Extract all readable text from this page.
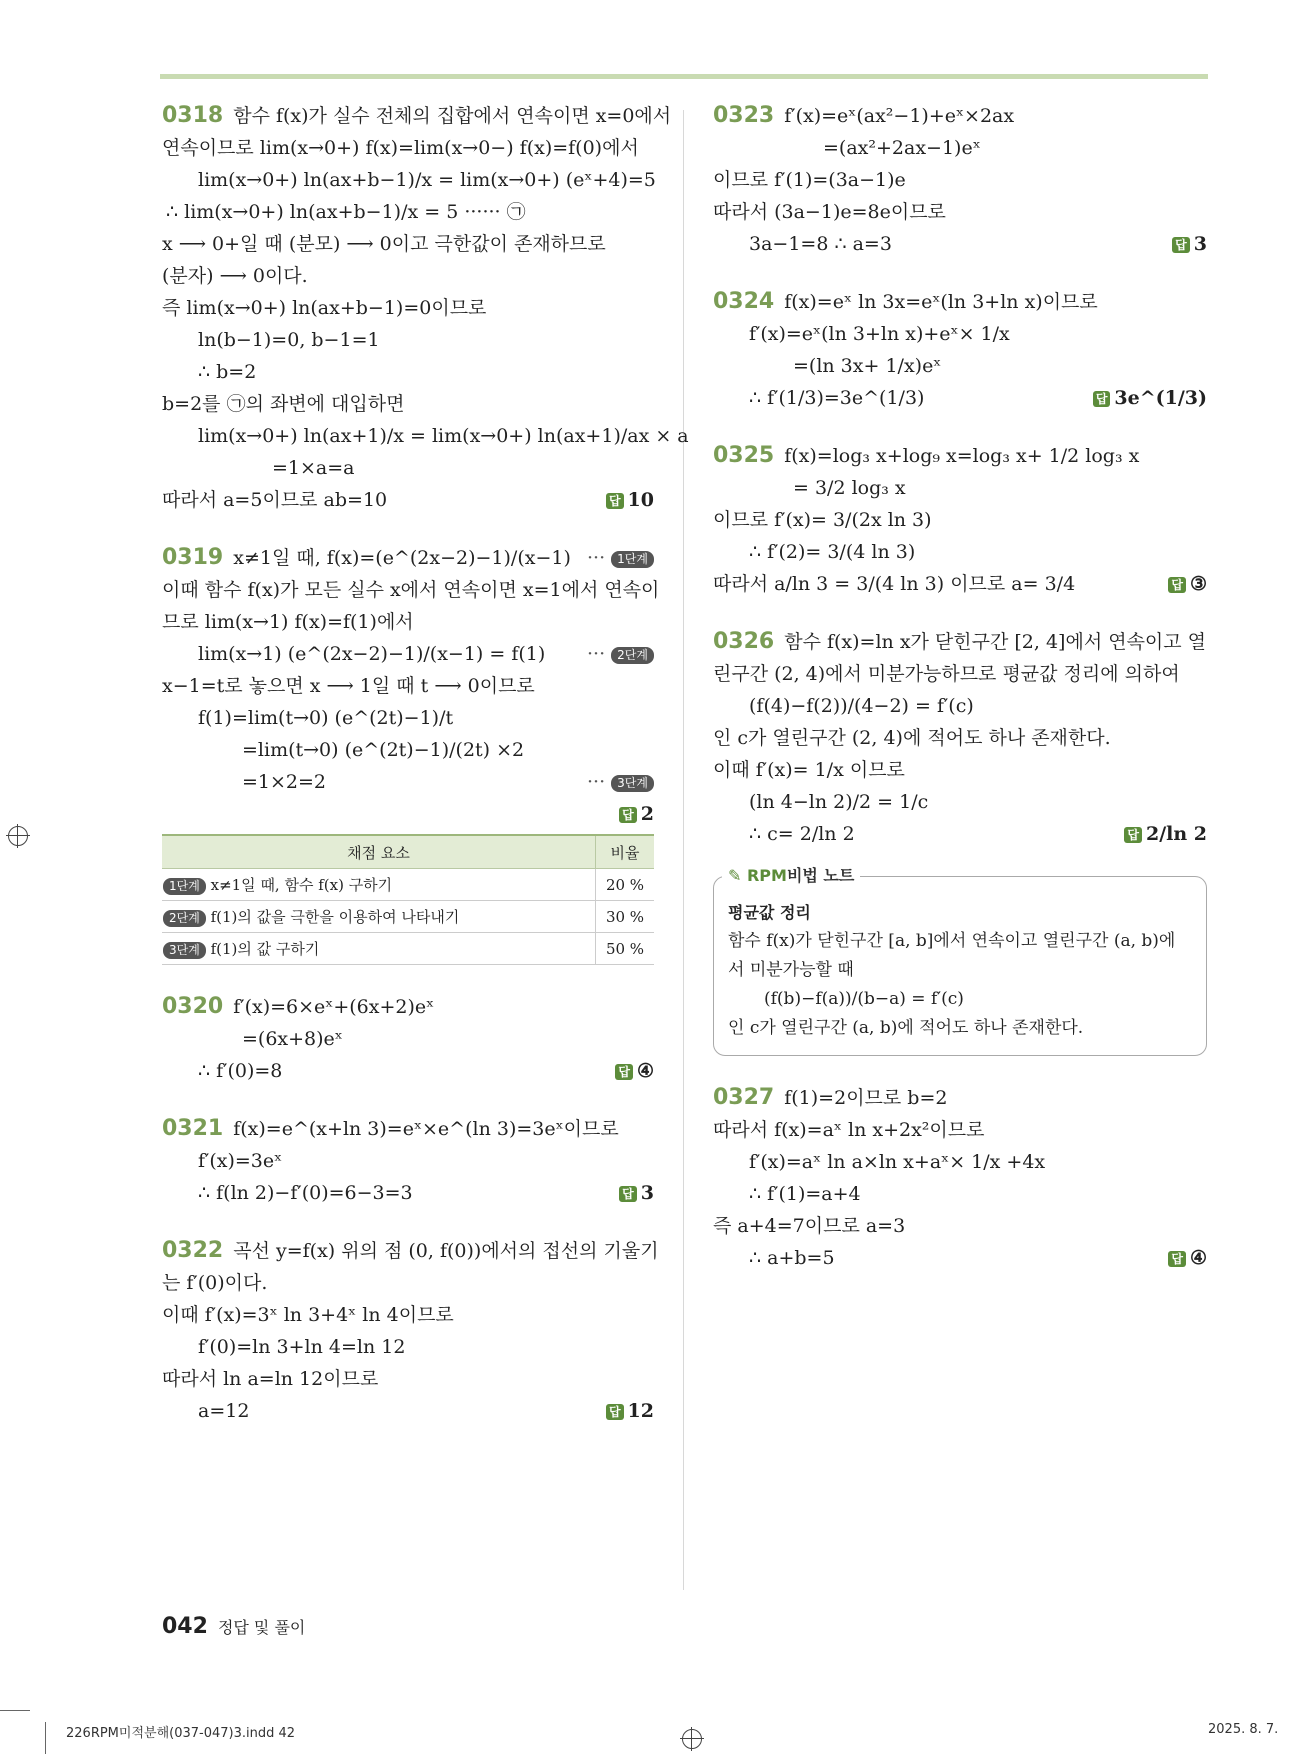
0318 함수 f(x)가 실수 전체의 집합에서 연속이면 x=0에서
연속이므로 lim(x→0+) f(x)=lim(x→0−) f(x)=f(0)에서
lim(x→0+) ln(ax+b−1)/x = lim(x→0+) (eˣ+4)=5
∴ lim(x→0+) ln(ax+b−1)/x = 5 ······ ㉠
x ⟶ 0+일 때 (분모) ⟶ 0이고 극한값이 존재하므로
(분자) ⟶ 0이다.
즉 lim(x→0+) ln(ax+b−1)=0이므로
ln(b−1)=0, b−1=1
∴ b=2
b=2를 ㉠의 좌변에 대입하면
lim(x→0+) ln(ax+1)/x = lim(x→0+) ln(ax+1)/ax × a
=1×a=a
따라서 a=5이므로 ab=10	답 10
0319 x≠1일 때, f(x)=(e^(2x−2)−1)/(x−1) ··· 1단계
이때 함수 f(x)가 모든 실수 x에서 연속이면 x=1에서 연속이
므로 lim(x→1) f(x)=f(1)에서
lim(x→1) (e^(2x−2)−1)/(x−1) = f(1) ··· 2단계
x−1=t로 놓으면 x ⟶ 1일 때 t ⟶ 0이므로
f(1)=lim(t→0) (e^(2t)−1)/t
=lim(t→0) (e^(2t)−1)/(2t) ×2
=1×2=2	··· 3단계
답 2
채점 요소	비율
1단계 x≠1일 때, 함수 f(x) 구하기	20 %
2단계 f(1)의 값을 극한을 이용하여 나타내기	30 %
3단계 f(1)의 값 구하기	50 %
0320 f′(x)=6×eˣ+(6x+2)eˣ
=(6x+8)eˣ
∴ f′(0)=8	답 ④
0321 f(x)=e^(x+ln 3)=eˣ×e^(ln 3)=3eˣ이므로
f′(x)=3eˣ
∴ f(ln 2)−f′(0)=6−3=3	답 3
0322 곡선 y=f(x) 위의 점 (0, f(0))에서의 접선의 기울기
는 f′(0)이다.
이때 f′(x)=3ˣ ln 3+4ˣ ln 4이므로
f′(0)=ln 3+ln 4=ln 12
따라서 ln a=ln 12이므로
a=12	답 12
0323 f′(x)=eˣ(ax²−1)+eˣ×2ax
=(ax²+2ax−1)eˣ
이므로 f′(1)=(3a−1)e
따라서 (3a−1)e=8e이므로
3a−1=8 ∴ a=3	답 3
0324 f(x)=eˣ ln 3x=eˣ(ln 3+ln x)이므로
f′(x)=eˣ(ln 3+ln x)+eˣ× 1/x
=(ln 3x+ 1/x)eˣ
∴ f′(1/3)=3e^(1/3)	답 3e^(1/3)
0325 f(x)=log₃ x+log₉ x=log₃ x+ 1/2 log₃ x
= 3/2 log₃ x
이므로 f′(x)= 3/(2x ln 3)
∴ f′(2)= 3/(4 ln 3)
따라서 a/ln 3 = 3/(4 ln 3) 이므로 a= 3/4	답 ③
0326 함수 f(x)=ln x가 닫힌구간 [2, 4]에서 연속이고 열
린구간 (2, 4)에서 미분가능하므로 평균값 정리에 의하여
(f(4)−f(2))/(4−2) = f′(c)
인 c가 열린구간 (2, 4)에 적어도 하나 존재한다.
이때 f′(x)= 1/x 이므로
(ln 4−ln 2)/2 = 1/c
∴ c= 2/ln 2	답 2/ln 2
✎ RPM비법 노트
평균값 정리
함수 f(x)가 닫힌구간 [a, b]에서 연속이고 열린구간 (a, b)에
서 미분가능할 때
(f(b)−f(a))/(b−a) = f′(c)
인 c가 열린구간 (a, b)에 적어도 하나 존재한다.
0327 f(1)=2이므로 b=2
따라서 f(x)=aˣ ln x+2x²이므로
f′(x)=aˣ ln a×ln x+aˣ× 1/x +4x
∴ f′(1)=a+4
즉 a+4=7이므로 a=3
∴ a+b=5	답 ④
042 정답 및 풀이
226RPM미적분해(037-047)3.indd 42	2025. 8. 7.
